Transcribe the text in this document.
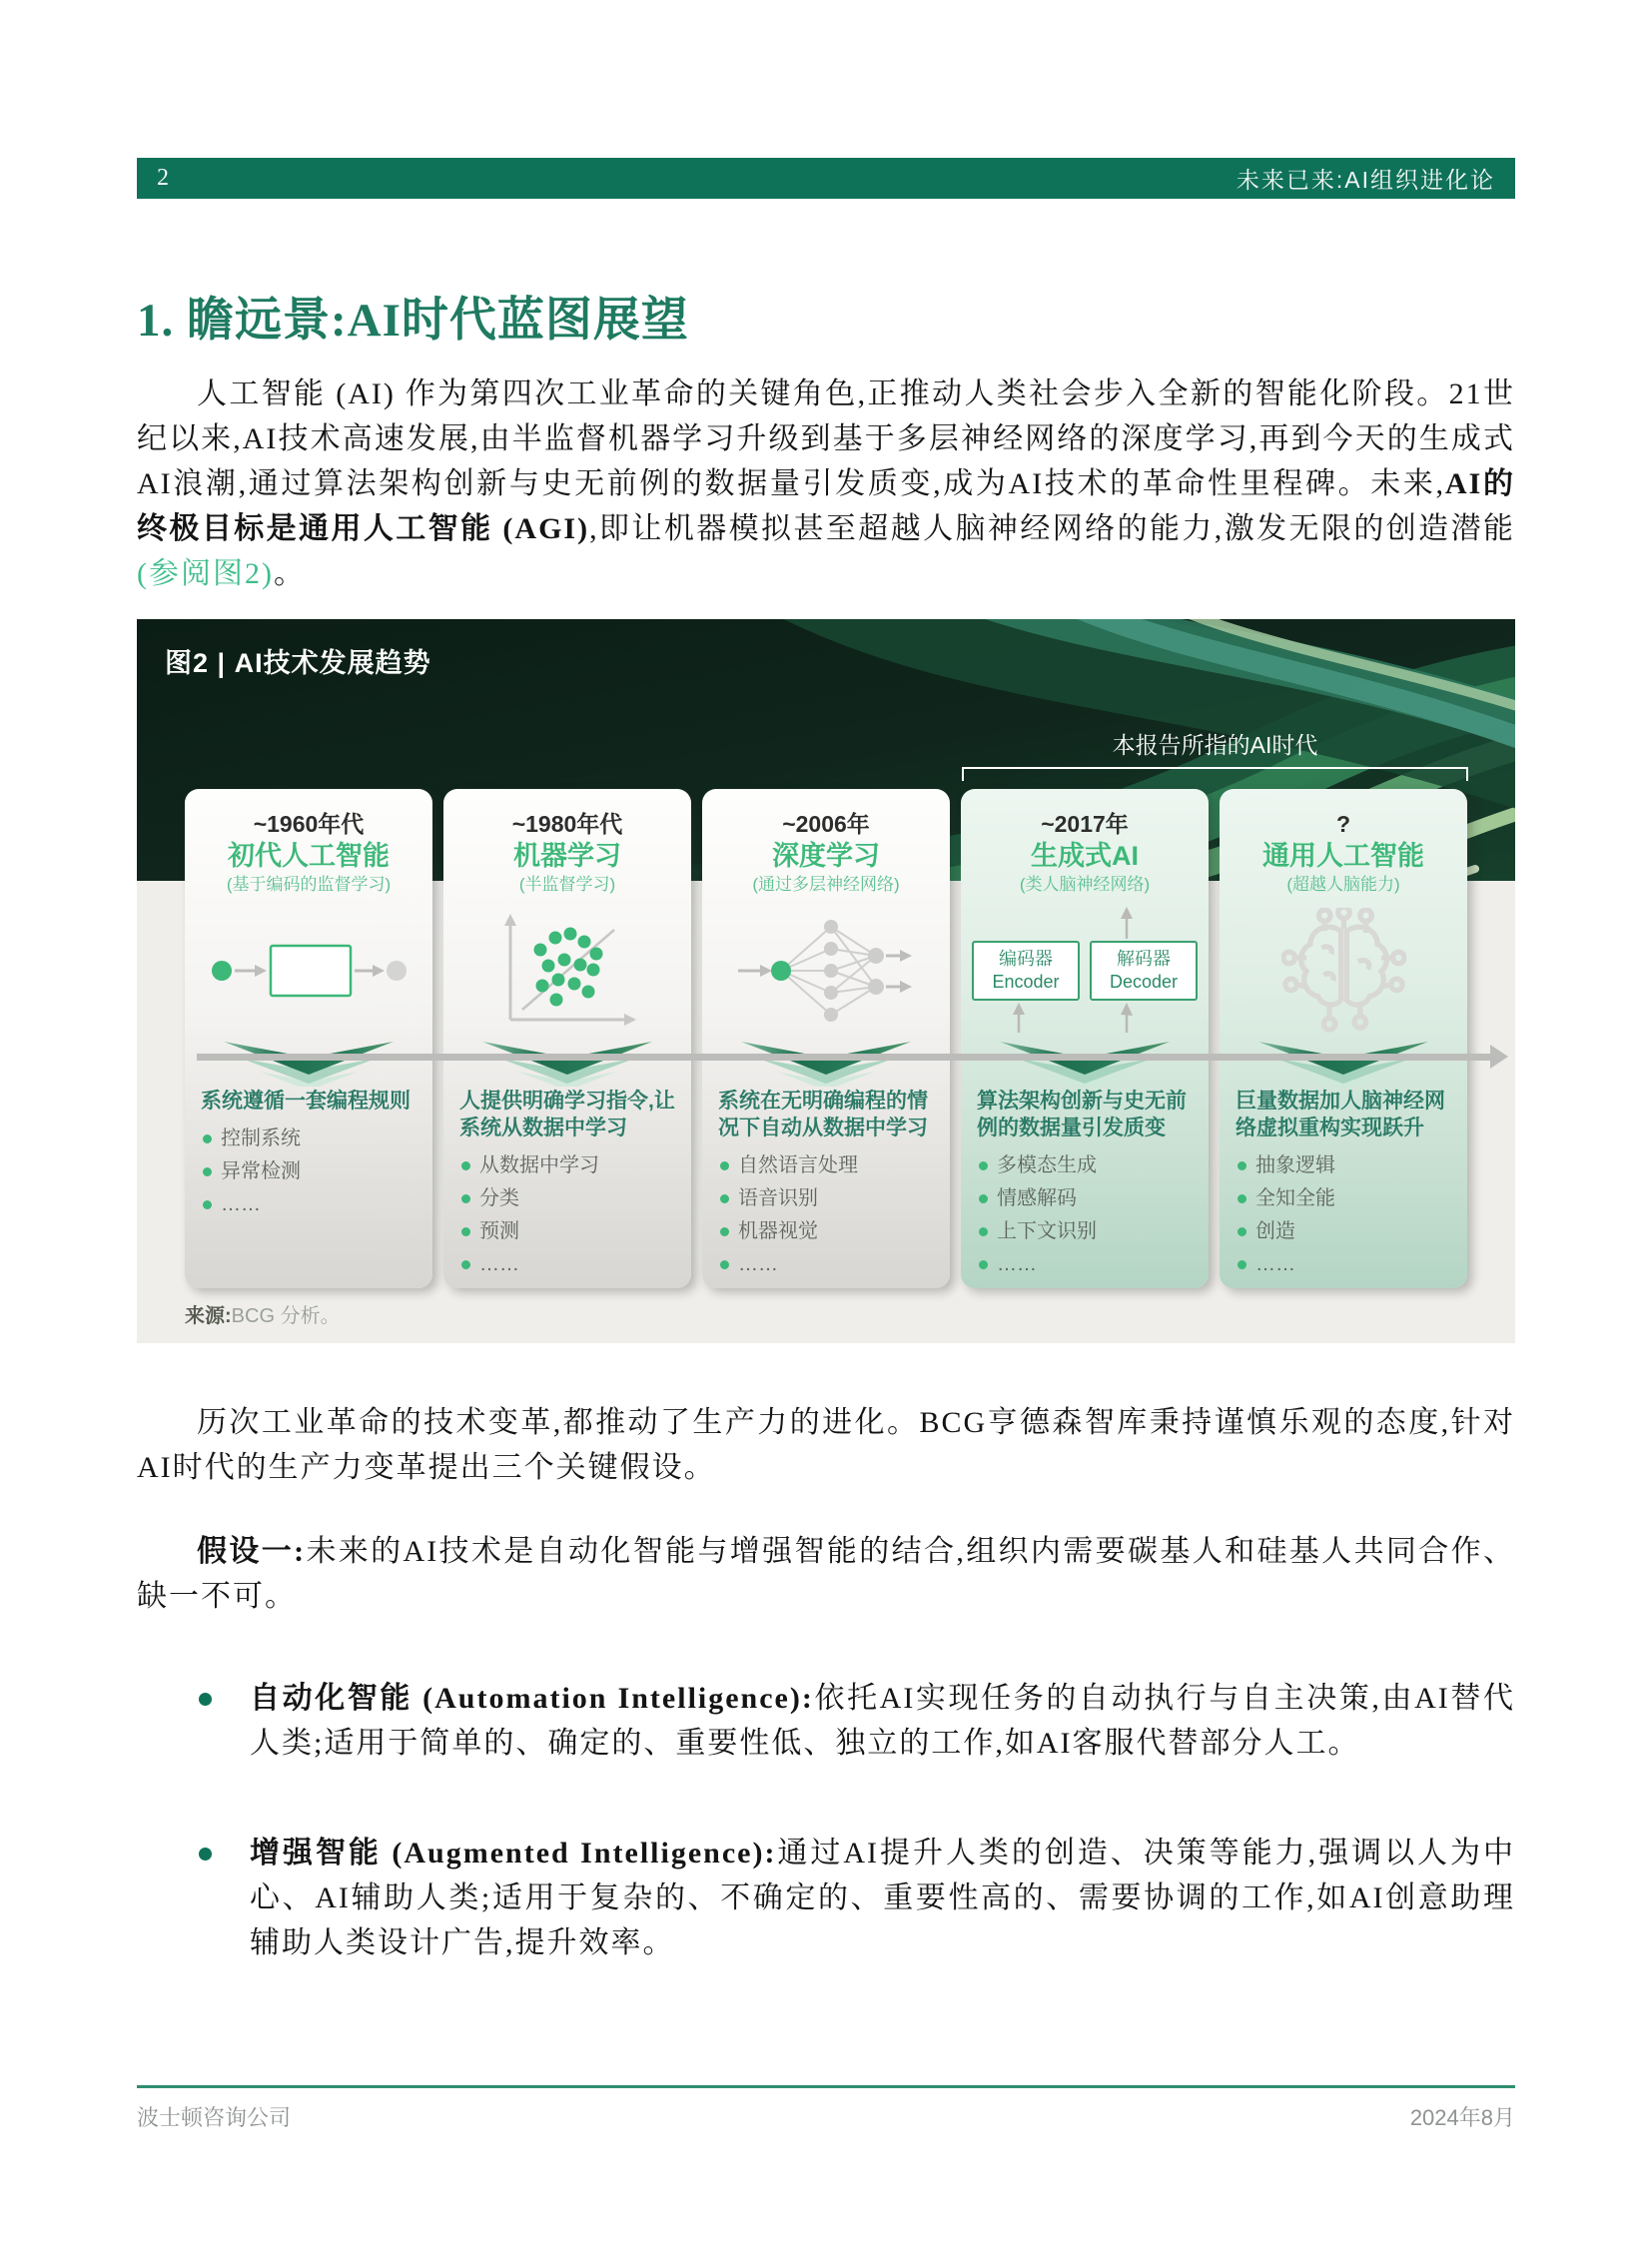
2	未来已来:AI组织进化论
1. 瞻远景:AI时代蓝图展望

人工智能 (AI) 作为第四次工业革命的关键角色,正推动人类社会步入全新的智能化阶段。21世纪以来,AI技术高速发展,由半监督机器学习升级到基于多层神经网络的深度学习,再到今天的生成式AI浪潮,通过算法架构创新与史无前例的数据量引发质变,成为AI技术的革命性里程碑。未来,AI的终极目标是通用人工智能 (AGI),即让机器模拟甚至超越人脑神经网络的能力,激发无限的创造潜能(参阅图2)。

图2 | AI技术发展趋势
本报告所指的AI时代
~1960年代
初代人工智能
(基于编码的监督学习)
系统遵循一套编程规则
控制系统
异常检测
……
~1980年代
机器学习
(半监督学习)
人提供明确学习指令,让系统从数据中学习
从数据中学习
分类
预测
……
~2006年
深度学习
(通过多层神经网络)
系统在无明确编程的情况下自动从数据中学习
自然语言处理
语音识别
机器视觉
……
~2017年
生成式AI
(类人脑神经网络)
编码器
Encoder
解码器
Decoder
算法架构创新与史无前例的数据量引发质变
多模态生成
情感解码
上下文识别
……
?
通用人工智能
(超越人脑能力)
巨量数据加人脑神经网络虚拟重构实现跃升
抽象逻辑
全知全能
创造
……
来源:BCG 分析。

历次工业革命的技术变革,都推动了生产力的进化。BCG亨德森智库秉持谨慎乐观的态度,针对AI时代的生产力变革提出三个关键假设。

假设一:未来的AI技术是自动化智能与增强智能的结合,组织内需要碳基人和硅基人共同合作、缺一不可。

自动化智能 (Automation Intelligence):依托AI实现任务的自动执行与自主决策,由AI替代人类;适用于简单的、确定的、重要性低、独立的工作,如AI客服代替部分人工。
增强智能 (Augmented Intelligence):通过AI提升人类的创造、决策等能力,强调以人为中心、AI辅助人类;适用于复杂的、不确定的、重要性高的、需要协调的工作,如AI创意助理辅助人类设计广告,提升效率。
波士顿咨询公司	2024年8月
